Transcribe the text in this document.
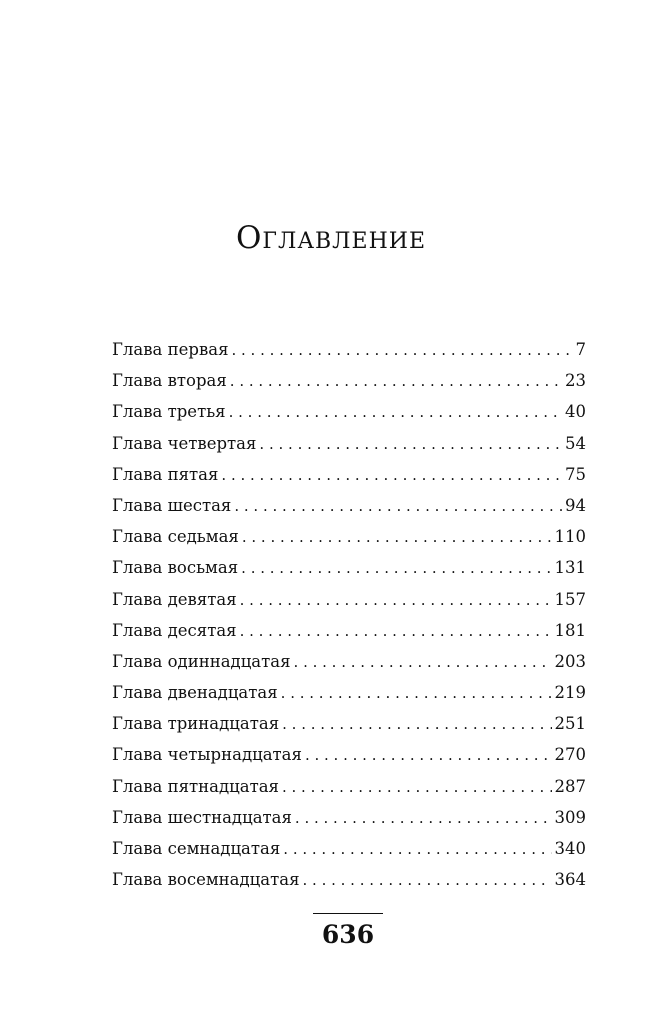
Оглавление
Глава первая . . .	7
Глава вторая . . .	23
Глава третья . . .	40
Глава четвертая . . .	54
Глава пятая . . .	75
Глава шестая . . .	94
Глава седьмая . . .	110
Глава восьмая . . .	131
Глава девятая . . .	157
Глава десятая . . .	181
Глава одиннадцатая . . .	203
Глава двенадцатая . . .	219
Глава тринадцатая . . .	251
Глава четырнадцатая . . .	270
Глава пятнадцатая . . .	287
Глава шестнадцатая . . .	309
Глава семнадцатая . . .	340
Глава восемнадцатая . . .	364
636
